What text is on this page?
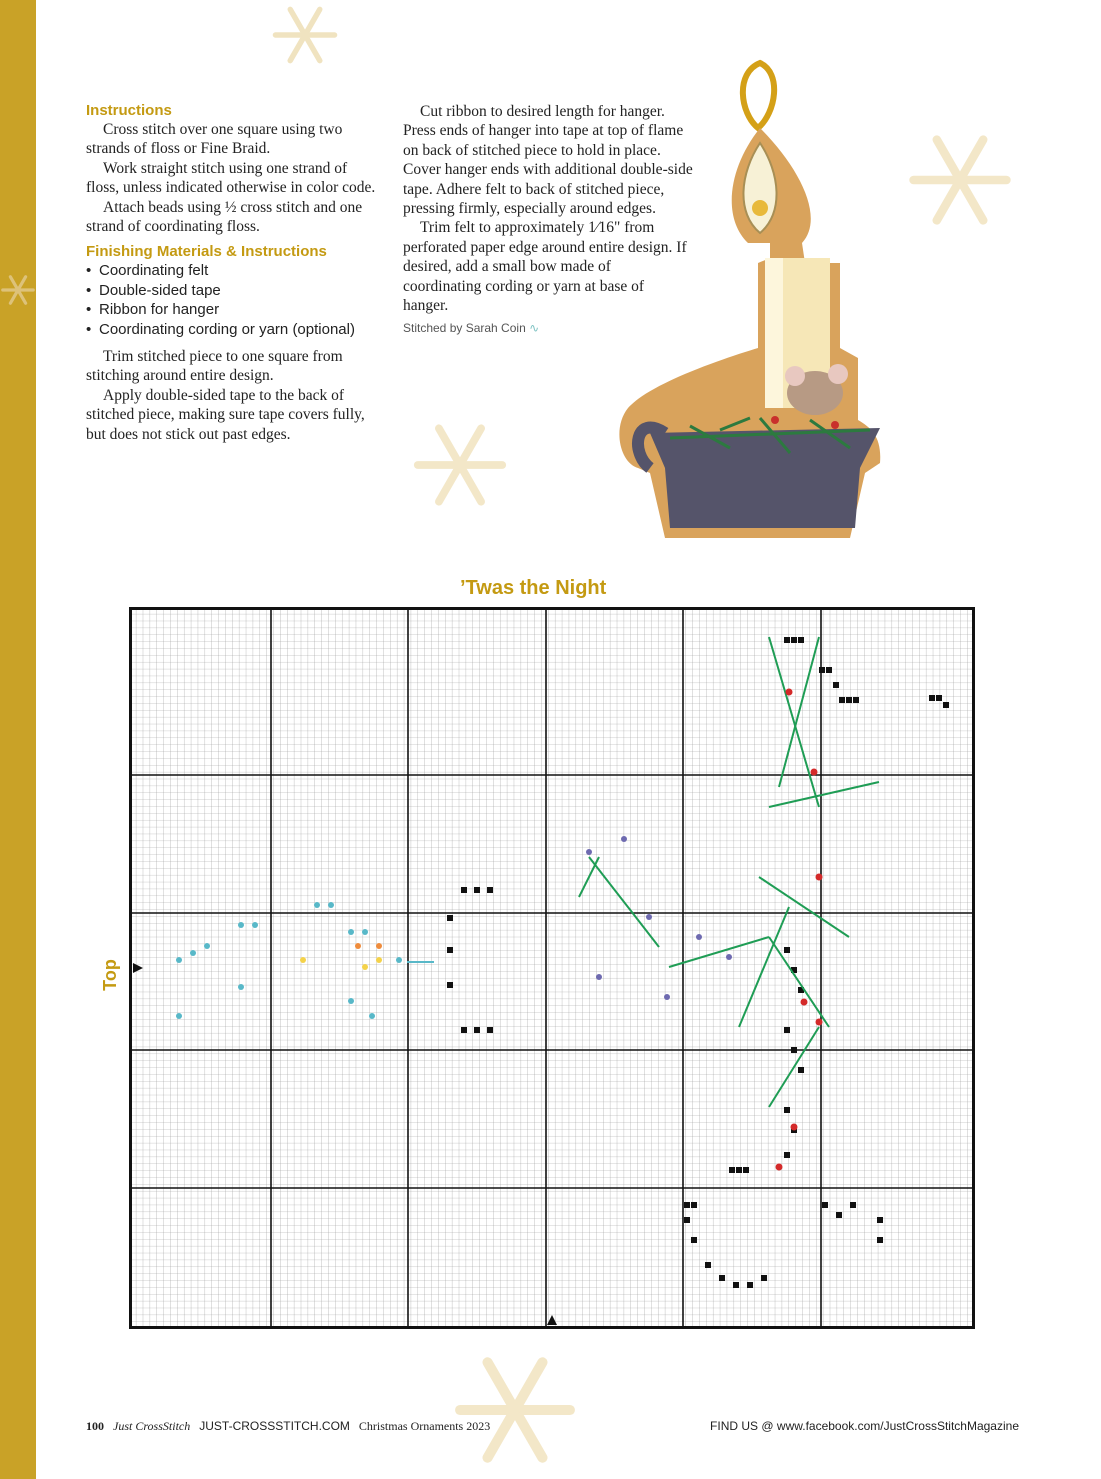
Instructions

Cross stitch over one square using two strands of floss or Fine Braid.

Work straight stitch using one strand of floss, unless indicated otherwise in color code.

Attach beads using ½ cross stitch and one strand of coordinating floss.

Finishing Materials & Instructions
• Coordinating felt
• Double-sided tape
• Ribbon for hanger
• Coordinating cording or yarn (optional)

Trim stitched piece to one square from stitching around entire design.

Apply double-sided tape to the back of stitched piece, making sure tape covers fully, but does not stick out past edges.

Cut ribbon to desired length for hanger. Press ends of hanger into tape at top of flame on back of stitched piece to hold in place. Cover hanger ends with additional double-side tape. Adhere felt to back of stitched piece, pressing firmly, especially around edges.

Trim felt to approximately 1⁄16" from perforated paper edge around entire design. If desired, add a small bow made of coordinating cording or yarn at base of hanger.

Stitched by Sarah Coin ∿
’Twas the Night
Top
100 Just CrossStitch JUST-CROSSSTITCH.COM Christmas Ornaments 2023	FIND US @ www.facebook.com/JustCrossStitchMagazine
